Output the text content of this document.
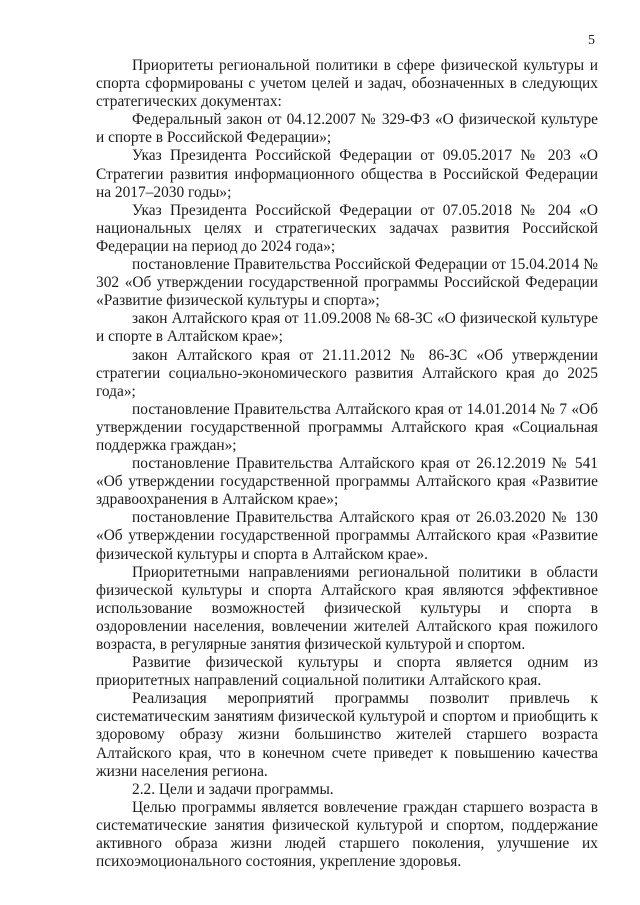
5

Приоритеты региональной политики в сфере физической культуры и спорта сформированы с учетом целей и задач, обозначенных в следующих стратегических документах:

Федеральный закон от 04.12.2007 № 329-ФЗ «О физической культуре и спорте в Российской Федерации»;

Указ Президента Российской Федерации от 09.05.2017 № 203 «О Стратегии развития информационного общества в Российской Федерации на 2017–2030 годы»;

Указ Президента Российской Федерации от 07.05.2018 № 204 «О национальных целях и стратегических задачах развития Российской Федерации на период до 2024 года»;

постановление Правительства Российской Федерации от 15.04.2014 № 302 «Об утверждении государственной программы Российской Федерации «Развитие физической культуры и спорта»;

закон Алтайского края от 11.09.2008 № 68-ЗС «О физической культуре и спорте в Алтайском крае»;

закон Алтайского края от 21.11.2012 № 86-ЗС «Об утверждении стратегии социально-экономического развития Алтайского края до 2025 года»;

постановление Правительства Алтайского края от 14.01.2014 № 7 «Об утверждении государственной программы Алтайского края «Социальная поддержка граждан»;

постановление Правительства Алтайского края от 26.12.2019 № 541 «Об утверждении государственной программы Алтайского края «Развитие здравоохранения в Алтайском крае»;

постановление Правительства Алтайского края от 26.03.2020 № 130 «Об утверждении государственной программы Алтайского края «Развитие физической культуры и спорта в Алтайском крае».

Приоритетными направлениями региональной политики в области физической культуры и спорта Алтайского края являются эффективное использование возможностей физической культуры и спорта в оздоровлении населения, вовлечении жителей Алтайского края пожилого возраста, в регулярные занятия физической культурой и спортом.

Развитие физической культуры и спорта является одним из приоритетных направлений социальной политики Алтайского края.

Реализация мероприятий программы позволит привлечь к систематическим занятиям физической культурой и спортом и приобщить к здоровому образу жизни большинство жителей старшего возраста Алтайского края, что в конечном счете приведет к повышению качества жизни населения региона.

2.2. Цели и задачи программы.

Целью программы является вовлечение граждан старшего возраста в систематические занятия физической культурой и спортом, поддержание активного образа жизни людей старшего поколения, улучшение их психоэмоционального состояния, укрепление здоровья.
